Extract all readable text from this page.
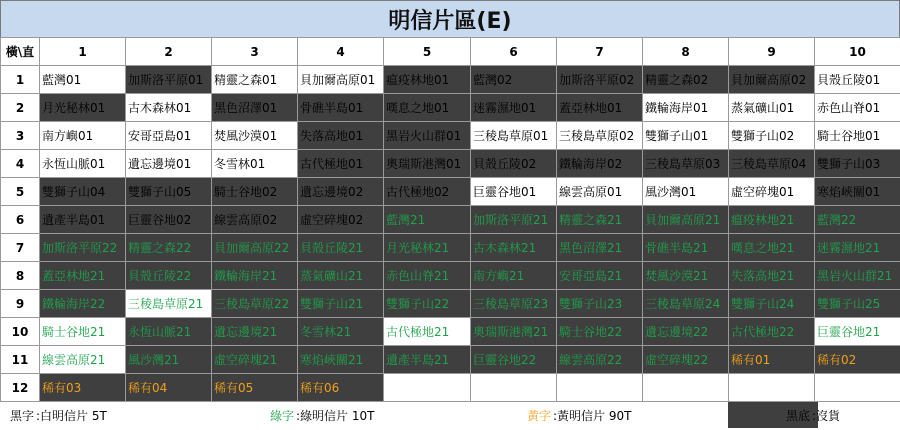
明信片區(E)
橫\直	1	2	3	4	5	6	7	8	9	10
1	藍灣01	加斯洛平原01	精靈之森01	貝加爾高原01	瘟疫林地01	藍灣02	加斯洛平原02	精靈之森02	貝加爾高原02	貝殼丘陵01
2	月光秘林01	古木森林01	黑色沼澤01	骨礁半島01	嘆息之地01	迷霧濕地01	蓋亞林地01	鐵輪海岸01	蒸氣礦山01	赤色山脊01
3	南方嶼01	安哥亞島01	焚風沙漠01	失落高地01	黑岩火山群01	三稜島草原01	三稜島草原02	雙獅子山01	雙獅子山02	騎士谷地01
4	永恆山脈01	遺忘邊境01	冬雪林01	古代極地01	奧瑞斯港灣01	貝殼丘陵02	鐵輪海岸02	三稜島草原03	三稜島草原04	雙獅子山03
5	雙獅子山04	雙獅子山05	騎士谷地02	遺忘邊境02	古代極地02	巨靈谷地01	線雲高原01	風沙灣01	虛空碎塊01	寒焰峽關01
6	遺產半島01	巨靈谷地02	線雲高原02	虛空碎塊02	藍灣21	加斯洛平原21	精靈之森21	貝加爾高原21	瘟疫林地21	藍灣22
7	加斯洛平原22	精靈之森22	貝加爾高原22	貝殼丘陵21	月光秘林21	古木森林21	黑色沼澤21	骨礁半島21	嘆息之地21	迷霧濕地21
8	蓋亞林地21	貝殼丘陵22	鐵輪海岸21	蒸氣礦山21	赤色山脊21	南方嶼21	安哥亞島21	焚風沙漠21	失落高地21	黑岩火山群21
9	鐵輪海岸22	三稜島草原21	三稜島草原22	雙獅子山21	雙獅子山22	三稜島草原23	雙獅子山23	三稜島草原24	雙獅子山24	雙獅子山25
10	騎士谷地21	永恆山脈21	遺忘邊境21	冬雪林21	古代極地21	奧瑞斯港灣21	騎士谷地22	遺忘邊境22	古代極地22	巨靈谷地21
11	線雲高原21	風沙灣21	虛空碎塊21	寒焰峽關21	遺產半島21	巨靈谷地22	線雲高原22	虛空碎塊22	稀有01	稀有02
12	稀有03	稀有04	稀有05	稀有06						
黑字 :白明信片 5T	綠字 :綠明信片 10T	黃字 :黃明信片 90T	黑底 :沒貨
